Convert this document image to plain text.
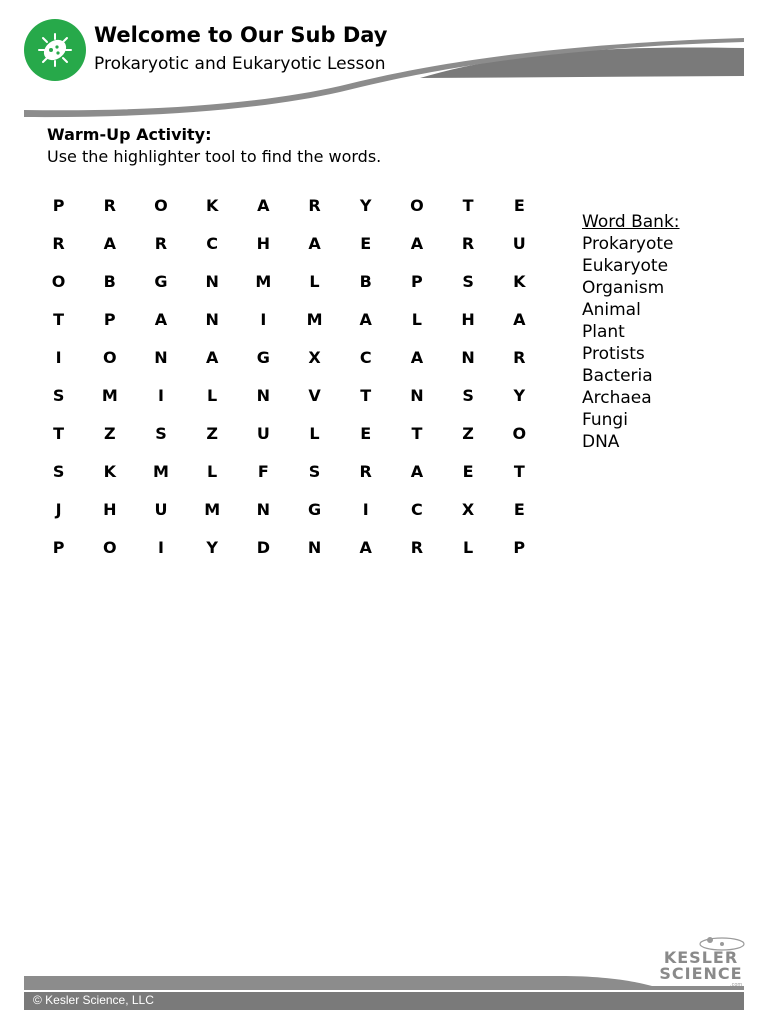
Welcome to Our Sub Day
Prokaryotic and Eukaryotic Lesson
Warm-Up Activity:
Use the highlighter tool to find the words.
P	R	O	K	A	R	Y	O	T	E
R	A	R	C	H	A	E	A	R	U
O	B	G	N	M	L	B	P	S	K
T	P	A	N	I	M	A	L	H	A
I	O	N	A	G	X	C	A	N	R
S	M	I	L	N	V	T	N	S	Y
T	Z	S	Z	U	L	E	T	Z	O
S	K	M	L	F	S	R	A	E	T
J	H	U	M	N	G	I	C	X	E
P	O	I	Y	D	N	A	R	L	P
Word Bank:
Prokaryote
Eukaryote
Organism
Animal
Plant
Protists
Bacteria
Archaea
Fungi
DNA
KESLER
SCIENCE
.com
© Kesler Science, LLC
